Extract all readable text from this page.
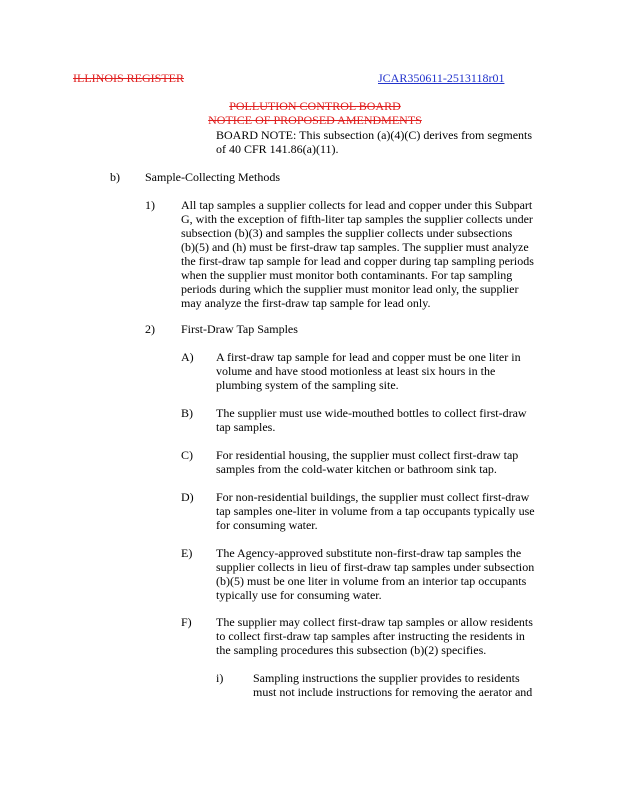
ILLINOIS REGISTER	JCAR350611-2513118r01
POLLUTION CONTROL BOARD
NOTICE OF PROPOSED AMENDMENTS
BOARD NOTE: This subsection (a)(4)(C) derives from segments
of 40 CFR 141.86(a)(11).
b) Sample-Collecting Methods
1) All tap samples a supplier collects for lead and copper under this Subpart
G, with the exception of fifth-liter tap samples the supplier collects under
subsection (b)(3) and samples the supplier collects under subsections
(b)(5) and (h) must be first-draw tap samples. The supplier must analyze
the first-draw tap sample for lead and copper during tap sampling periods
when the supplier must monitor both contaminants. For tap sampling
periods during which the supplier must monitor lead only, the supplier
may analyze the first-draw tap sample for lead only.
2) First-Draw Tap Samples
A) A first-draw tap sample for lead and copper must be one liter in
volume and have stood motionless at least six hours in the
plumbing system of the sampling site.
B) The supplier must use wide-mouthed bottles to collect first-draw
tap samples.
C) For residential housing, the supplier must collect first-draw tap
samples from the cold-water kitchen or bathroom sink tap.
D) For non-residential buildings, the supplier must collect first-draw
tap samples one-liter in volume from a tap occupants typically use
for consuming water.
E) The Agency-approved substitute non-first-draw tap samples the
supplier collects in lieu of first-draw tap samples under subsection
(b)(5) must be one liter in volume from an interior tap occupants
typically use for consuming water.
F) The supplier may collect first-draw tap samples or allow residents
to collect first-draw tap samples after instructing the residents in
the sampling procedures this subsection (b)(2) specifies.
i) Sampling instructions the supplier provides to residents
must not include instructions for removing the aerator and
